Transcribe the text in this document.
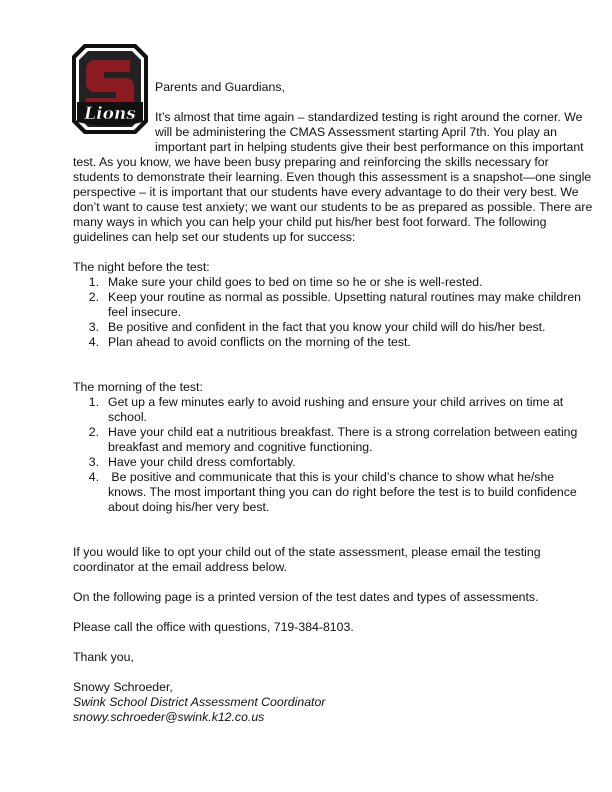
Lions
Parents and Guardians,
It’s almost that time again – standardized testing is right around the corner. We
will be administering the CMAS Assessment starting April 7th. You play an
important part in helping students give their best performance on this important
test. As you know, we have been busy preparing and reinforcing the skills necessary for
students to demonstrate their learning. Even though this assessment is a snapshot—one single
perspective – it is important that our students have every advantage to do their very best. We
don’t want to cause test anxiety; we want our students to be as prepared as possible. There are
many ways in which you can help your child put his/her best foot forward. The following
guidelines can help set our students up for success:
The night before the test:
1. Make sure your child goes to bed on time so he or she is well-rested.
2. Keep your routine as normal as possible. Upsetting natural routines may make children
feel insecure.
3. Be positive and confident in the fact that you know your child will do his/her best.
4. Plan ahead to avoid conflicts on the morning of the test.
The morning of the test:
1. Get up a few minutes early to avoid rushing and ensure your child arrives on time at
school.
2. Have your child eat a nutritious breakfast. There is a strong correlation between eating
breakfast and memory and cognitive functioning.
3. Have your child dress comfortably.
4. Be positive and communicate that this is your child’s chance to show what he/she
knows. The most important thing you can do right before the test is to build confidence
about doing his/her very best.
If you would like to opt your child out of the state assessment, please email the testing
coordinator at the email address below.
On the following page is a printed version of the test dates and types of assessments.
Please call the office with questions, 719-384-8103.
Thank you,
Snowy Schroeder,
Swink School District Assessment Coordinator
snowy.schroeder@swink.k12.co.us
